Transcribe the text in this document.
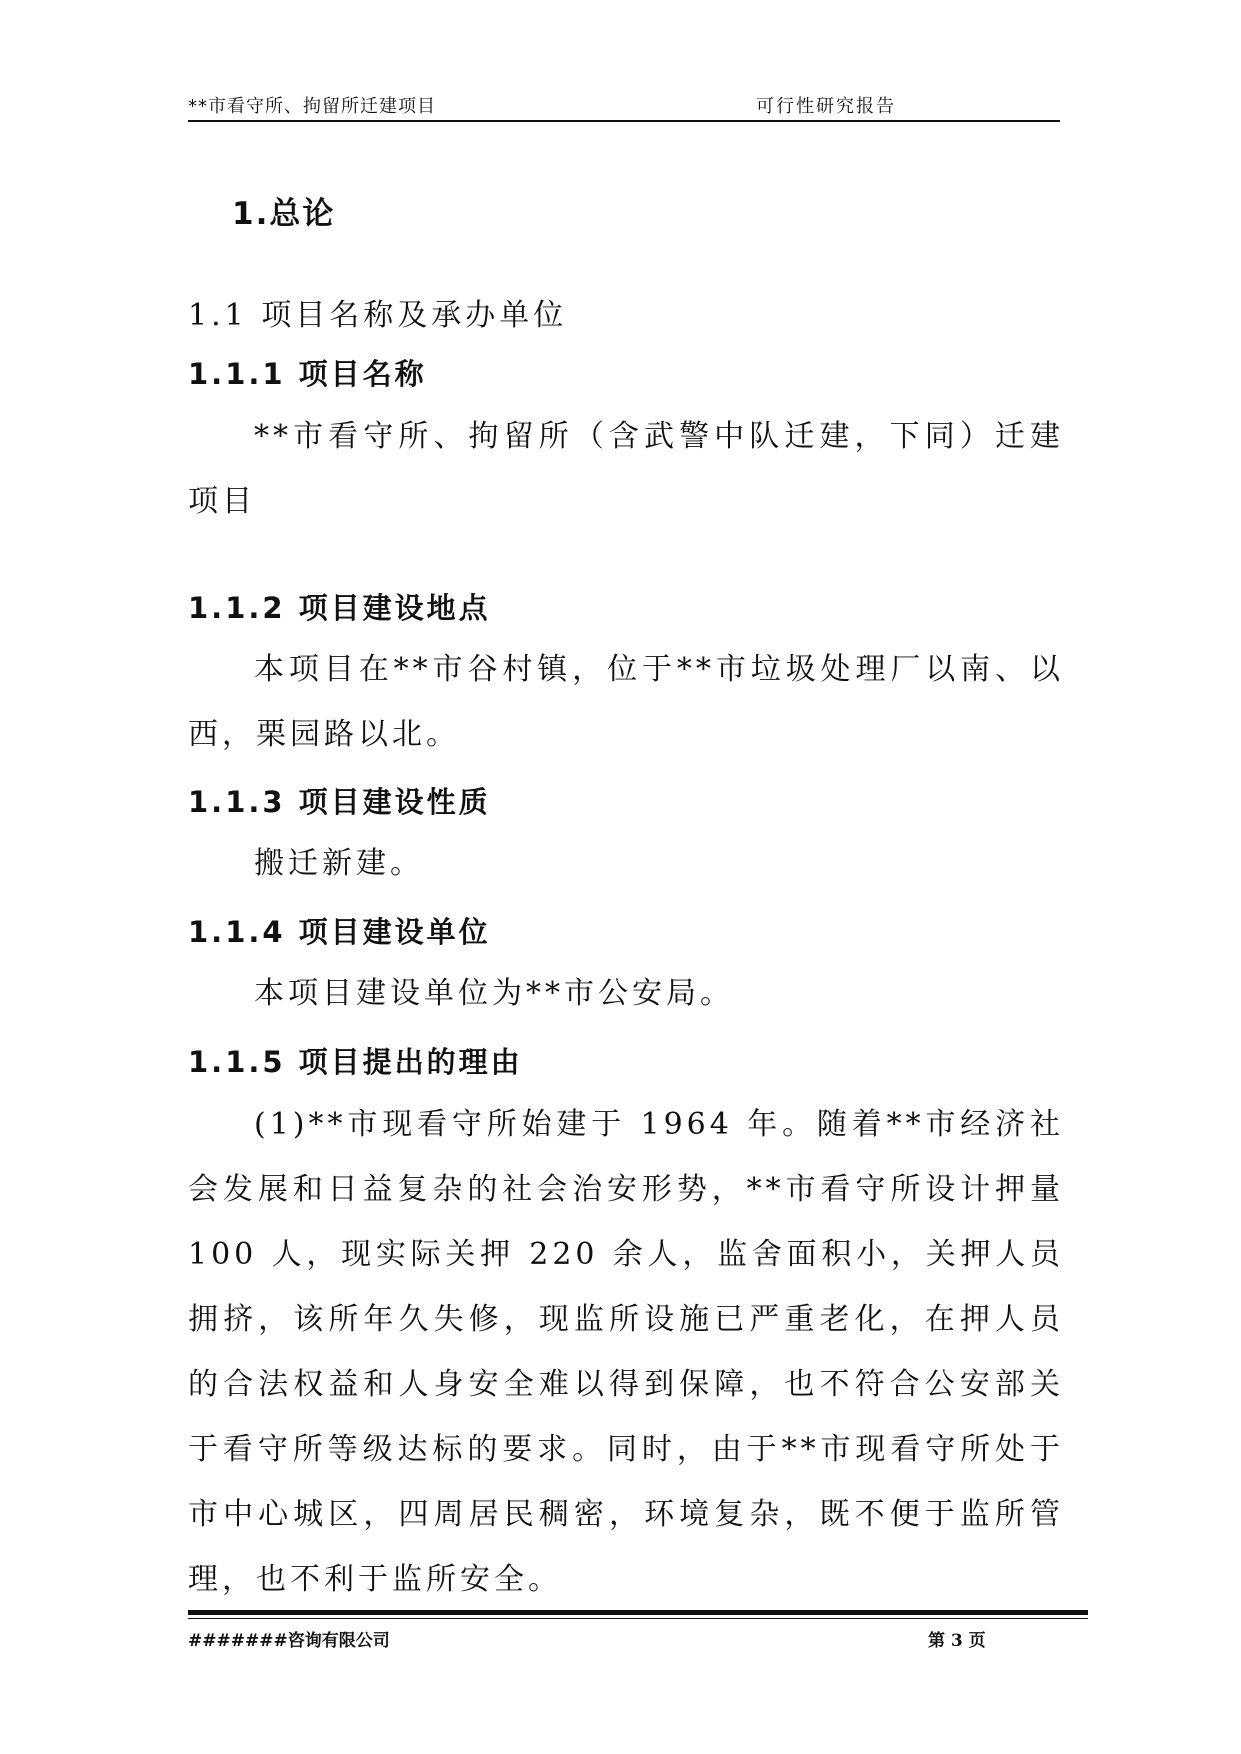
**市看守所、拘留所迁建项目	可行性研究报告
1.总论
1.1 项目名称及承办单位
1.1.1 项目名称
**市看守所、拘留所（含武警中队迁建，下同）迁建项目
1.1.2 项目建设地点
本项目在**市谷村镇，位于**市垃圾处理厂以南、以西，栗园路以北。
1.1.3 项目建设性质
搬迁新建。
1.1.4 项目建设单位
本项目建设单位为**市公安局。
1.1.5 项目提出的理由
(1)**市现看守所始建于 1964 年。随着**市经济社会发展和日益复杂的社会治安形势，**市看守所设计押量 100 人，现实际关押 220 余人，监舍面积小，关押人员拥挤，该所年久失修，现监所设施已严重老化，在押人员的合法权益和人身安全难以得到保障，也不符合公安部关于看守所等级达标的要求。同时，由于**市现看守所处于市中心城区，四周居民稠密，环境复杂，既不便于监所管理，也不利于监所安全。
#######咨询有限公司	第 3 页
